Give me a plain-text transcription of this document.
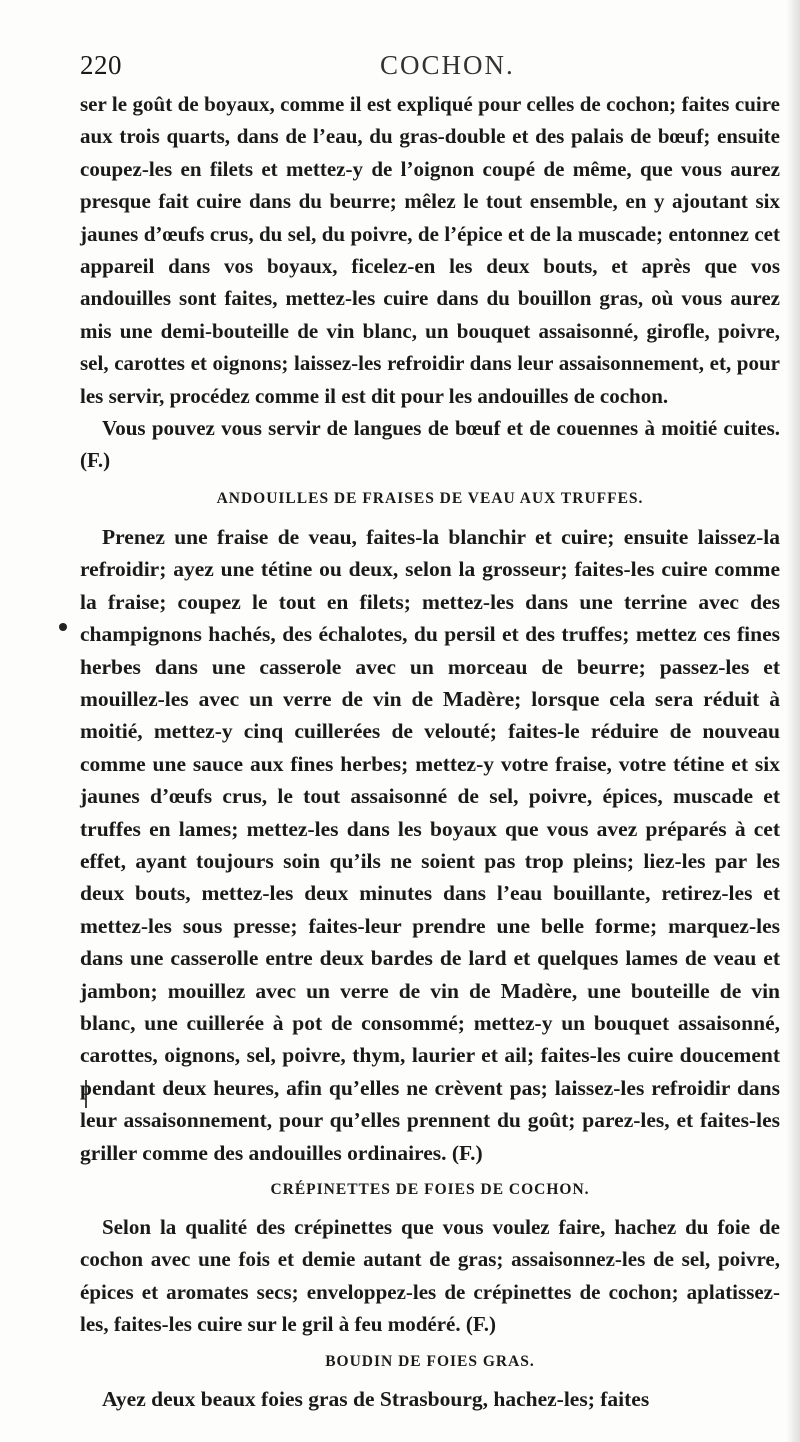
220	COCHON.

ser le goût de boyaux, comme il est expliqué pour celles de cochon; faites cuire aux trois quarts, dans de l’eau, du gras-double et des palais de bœuf; ensuite coupez-les en filets et mettez-y de l’oignon coupé de même, que vous aurez presque fait cuire dans du beurre; mêlez le tout ensemble, en y ajoutant six jaunes d’œufs crus, du sel, du poivre, de l’épice et de la muscade; entonnez cet appareil dans vos boyaux, ficelez-en les deux bouts, et après que vos andouilles sont faites, mettez-les cuire dans du bouillon gras, où vous aurez mis une demi-bouteille de vin blanc, un bouquet assaisonné, girofle, poivre, sel, carottes et oignons; laissez-les refroidir dans leur assaisonnement, et, pour les servir, procédez comme il est dit pour les andouilles de cochon.

Vous pouvez vous servir de langues de bœuf et de couennes à moitié cuites. (F.)

ANDOUILLES DE FRAISES DE VEAU AUX TRUFFES.

Prenez une fraise de veau, faites-la blanchir et cuire; ensuite laissez-la refroidir; ayez une tétine ou deux, selon la grosseur; faites-les cuire comme la fraise; coupez le tout en filets; mettez-les dans une terrine avec des champignons hachés, des échalotes, du persil et des truffes; mettez ces fines herbes dans une casserole avec un morceau de beurre; passez-les et mouillez-les avec un verre de vin de Madère; lorsque cela sera réduit à moitié, mettez-y cinq cuillerées de velouté; faites-le réduire de nouveau comme une sauce aux fines herbes; mettez-y votre fraise, votre tétine et six jaunes d’œufs crus, le tout assaisonné de sel, poivre, épices, muscade et truffes en lames; mettez-les dans les boyaux que vous avez préparés à cet effet, ayant toujours soin qu’ils ne soient pas trop pleins; liez-les par les deux bouts, mettez-les deux minutes dans l’eau bouillante, retirez-les et mettez-les sous presse; faites-leur prendre une belle forme; marquez-les dans une casserolle entre deux bardes de lard et quelques lames de veau et jambon; mouillez avec un verre de vin de Madère, une bouteille de vin blanc, une cuillerée à pot de consommé; mettez-y un bouquet assaisonné, carottes, oignons, sel, poivre, thym, laurier et ail; faites-les cuire doucement pendant deux heures, afin qu’elles ne crèvent pas; laissez-les refroidir dans leur assaisonnement, pour qu’elles prennent du goût; parez-les, et faites-les griller comme des andouilles ordinaires. (F.)

CRÉPINETTES DE FOIES DE COCHON.

Selon la qualité des crépinettes que vous voulez faire, hachez du foie de cochon avec une fois et demie autant de gras; assaisonnez-les de sel, poivre, épices et aromates secs; enveloppez-les de crépinettes de cochon; aplatissez-les, faites-les cuire sur le gril à feu modéré. (F.)

BOUDIN DE FOIES GRAS.

Ayez deux beaux foies gras de Strasbourg, hachez-les; faites
